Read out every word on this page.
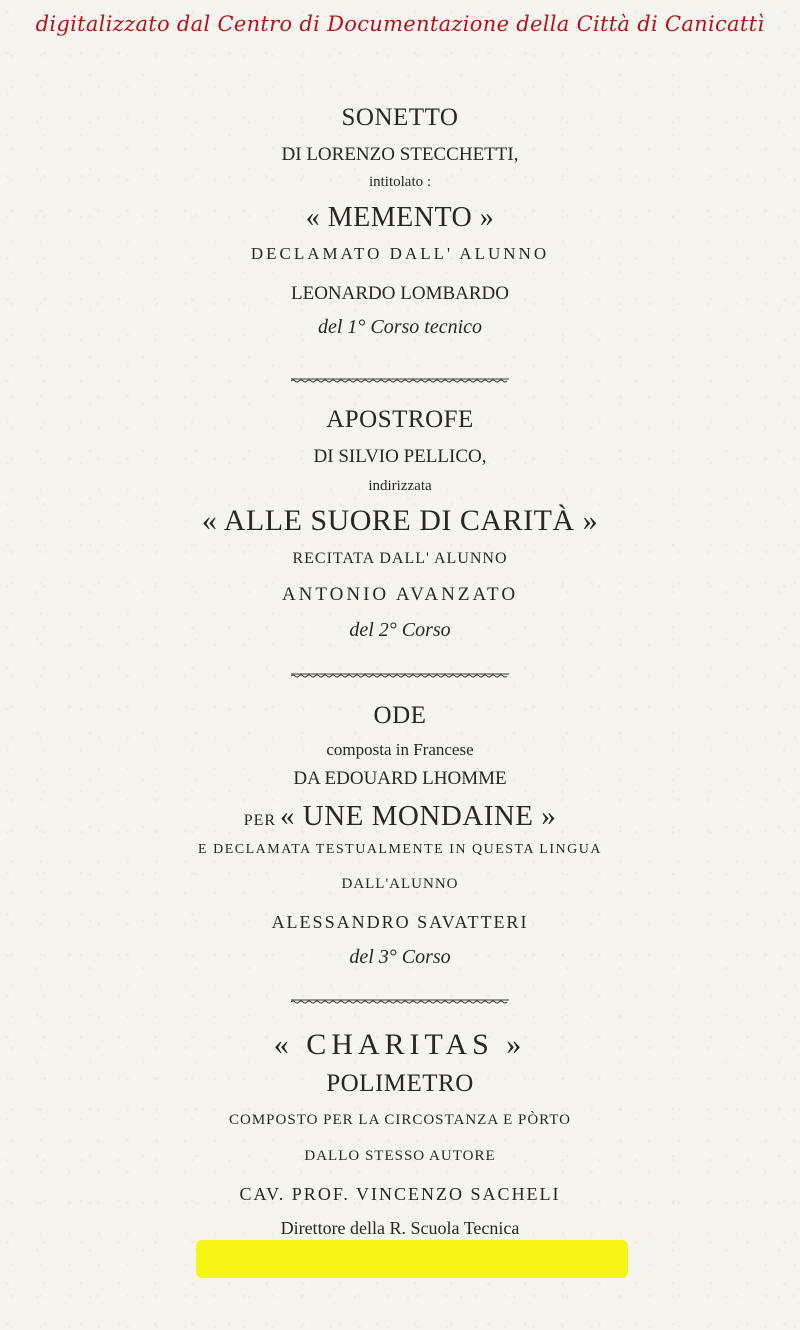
digitalizzato dal Centro di Documentazione della Città di Canicattì
SONETTO
DI LORENZO STECCHETTI,
intitolato :
« MEMENTO »
DECLAMATO DALL' ALUNNO
LEONARDO LOMBARDO
del 1° Corso tecnico
APOSTROFE
DI SILVIO PELLICO,
indirizzata
« ALLE SUORE DI CARITÀ »
RECITATA DALL' ALUNNO
ANTONIO AVANZATO
del 2° Corso
ODE
composta in Francese
DA EDOUARD LHOMME
PER « UNE MONDAINE »
E DECLAMATA TESTUALMENTE IN QUESTA LINGUA
DALL'ALUNNO
ALESSANDRO SAVATTERI
del 3° Corso
« CHARITAS »
POLIMETRO
COMPOSTO PER LA CIRCOSTANZA E PÒRTO
DALLO STESSO AUTORE
CAV. PROF. VINCENZO SACHELI
Direttore della R. Scuola Tecnica
